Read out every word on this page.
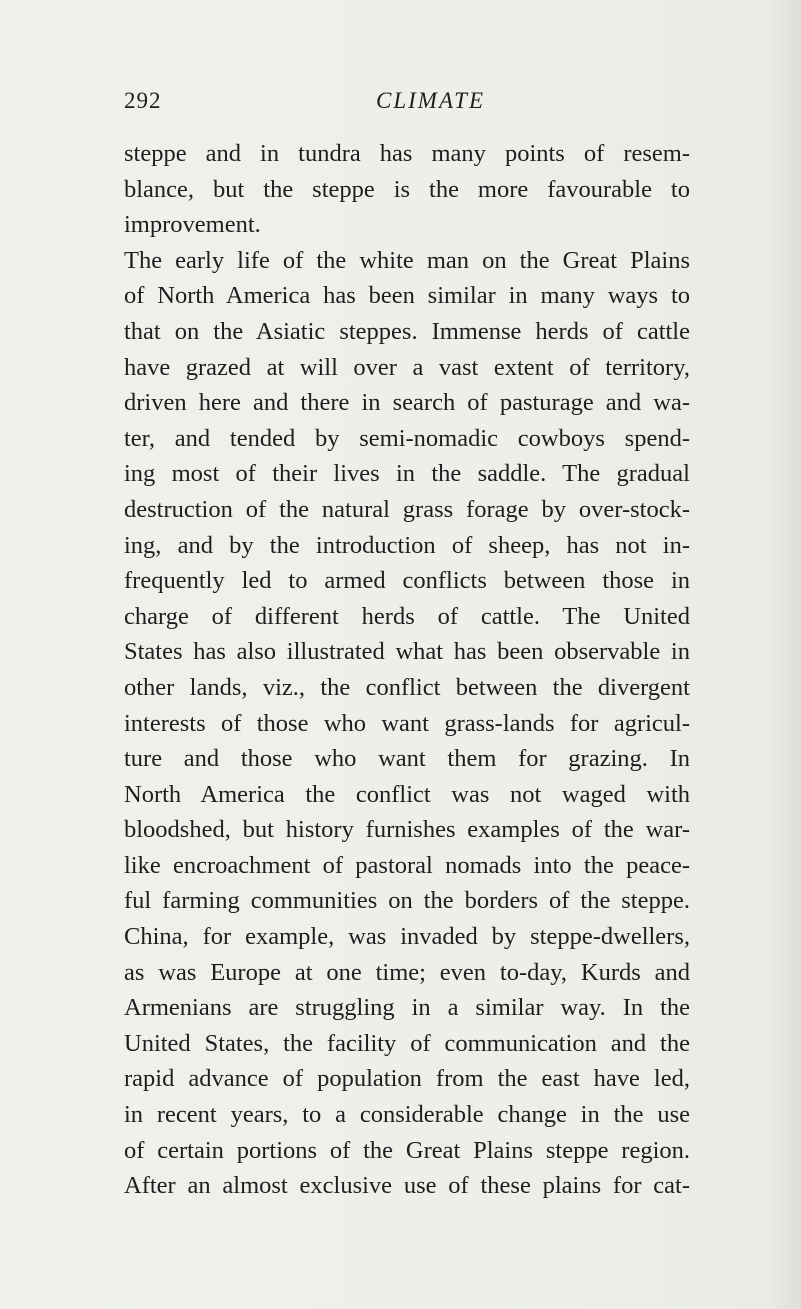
292	CLIMATE
steppe and in tundra has many points of resem-
blance, but the steppe is the more favourable to
improvement.
The early life of the white man on the Great Plains
of North America has been similar in many ways to
that on the Asiatic steppes. Immense herds of cattle
have grazed at will over a vast extent of territory,
driven here and there in search of pasturage and wa-
ter, and tended by semi-nomadic cowboys spend-
ing most of their lives in the saddle. The gradual
destruction of the natural grass forage by over-stock-
ing, and by the introduction of sheep, has not in-
frequently led to armed conflicts between those in
charge of different herds of cattle. The United
States has also illustrated what has been observable in
other lands, viz., the conflict between the divergent
interests of those who want grass-lands for agricul-
ture and those who want them for grazing. In
North America the conflict was not waged with
bloodshed, but history furnishes examples of the war-
like encroachment of pastoral nomads into the peace-
ful farming communities on the borders of the steppe.
China, for example, was invaded by steppe-dwellers,
as was Europe at one time; even to-day, Kurds and
Armenians are struggling in a similar way. In the
United States, the facility of communication and the
rapid advance of population from the east have led,
in recent years, to a considerable change in the use
of certain portions of the Great Plains steppe region.
After an almost exclusive use of these plains for cat-
